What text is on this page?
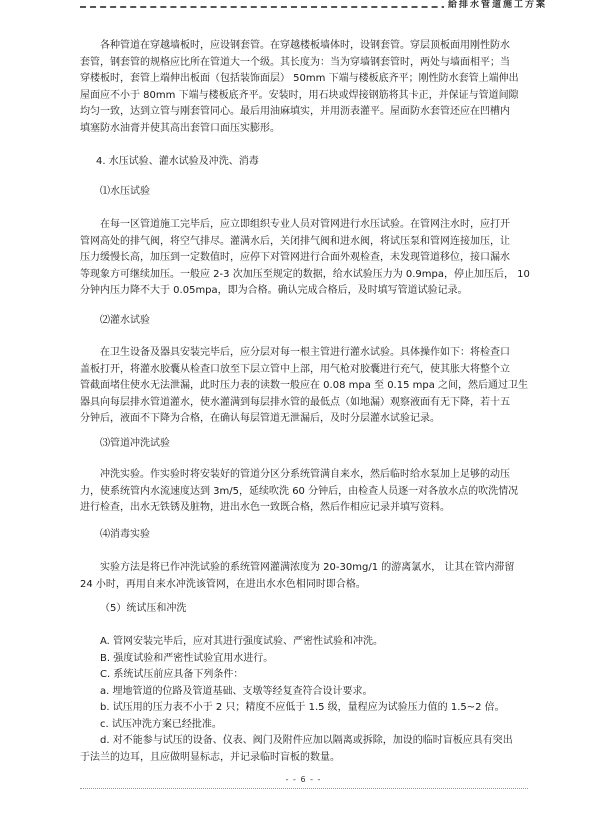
給排水管道施工方案
各种管道在穿越墙板时，应设钢套管。在穿越楼板墙体时，设钢套管。穿层顶板面用刚性防水
套管，钢套管的规格应比所在管道大一个级。其长度为：当为穿墙钢套管时，两处与墙面相平；当
穿楼板时，套管上端伸出板面（包括装饰面层） 50mm 下端与楼板底齐平；刚性防水套管上端伸出
屋面应不小于 80mm 下端与楼板底齐平。安装时，用石块或焊接钢筋将其卡正，并保证与管道间隙
均匀一致，达到立管与刚套管同心。最后用油麻填实，并用沥表灌平。屋面防水套管还应在凹槽内
填塞防水油膏并使其高出套管口面压实膨形。
4. 水压试验、灌水试验及冲洗、消毒
⑴水压试验
在每一区管道施工完毕后，应立即组织专业人员对管网进行水压试验。在管网注水时，应打开
管网高处的排气阀，将空气排尽。灌满水后，关闭排气阀和进水阀，将试压泵和管网连接加压，让
压力缓慢长高，加压到一定数值时，应停下对管网进行合面外观检查，未发现管道移位，接口漏水
等现象方可继续加压。一般应 2-3 次加压至规定的数据，给水试验压力为 0.9mpa，停止加压后， 10
分钟内压力降不大于 0.05mpa，即为合格。确认完成合格后，及时填写管道试验记录。
⑵灌水试验
在卫生设备及器具安装完毕后，应分层对每一根主管进行灌水试验。具体操作如下：将检查口
盖板打开，将灌水胶囊从检查口放至下层立管中上部，用气枪对胶囊进行充气，使其胀大将整个立
管截面堵住使水无法泄漏，此时压力表的读数一般应在 0.08 mpa 至 0.15 mpa 之间，然后通过卫生
器具向每层排水管道灌水，使水灌满到每层排水管的最低点（如地漏）观察液面有无下降，若十五
分钟后，液面不下降为合格，在确认每层管道无泄漏后，及时分层灌水试验记录。
⑶管道冲洗试验
冲洗实验。作实验时将安装好的管道分区分系统管满自来水，然后临时给水泵加上足够的动压
力，使系统管内水流速度达到 3m/5，延续吹洗 60 分钟后，由检查人员逐一对各放水点的吹洗情况
进行检查，出水无铁锈及脏物，进出水色一致既合格，然后作相应记录并填写资料。
⑷消毒实验
实验方法是将已作冲洗试验的系统管网灌满浓度为 20-30mg/1 的游离氯水， 让其在管内滞留
24 小时，再用自来水冲洗该管网，在进出水水色相同时即合格。
（5）统试压和冲洗
A. 管网安装完毕后，应对其进行强度试验、严密性试验和冲洗。
B. 强度试验和严密性试验宜用水进行。
C. 系统试压前应具备下列条件：
a. 埋地管道的位路及管道基础、支墩等经复查符合设计要求。
b. 试压用的压力表不小于 2 只；精度不应低于 1.5 级，量程应为试验压力值的 1.5~2 倍。
c. 试压冲洗方案已经批准。
d. 对不能参与试压的设备、仪表、阀门及附件应加以隔离或拆除，加设的临时盲板应具有突出
于法兰的边耳，且应做明显标志，并记录临时盲板的数量。
- - 6 - -
